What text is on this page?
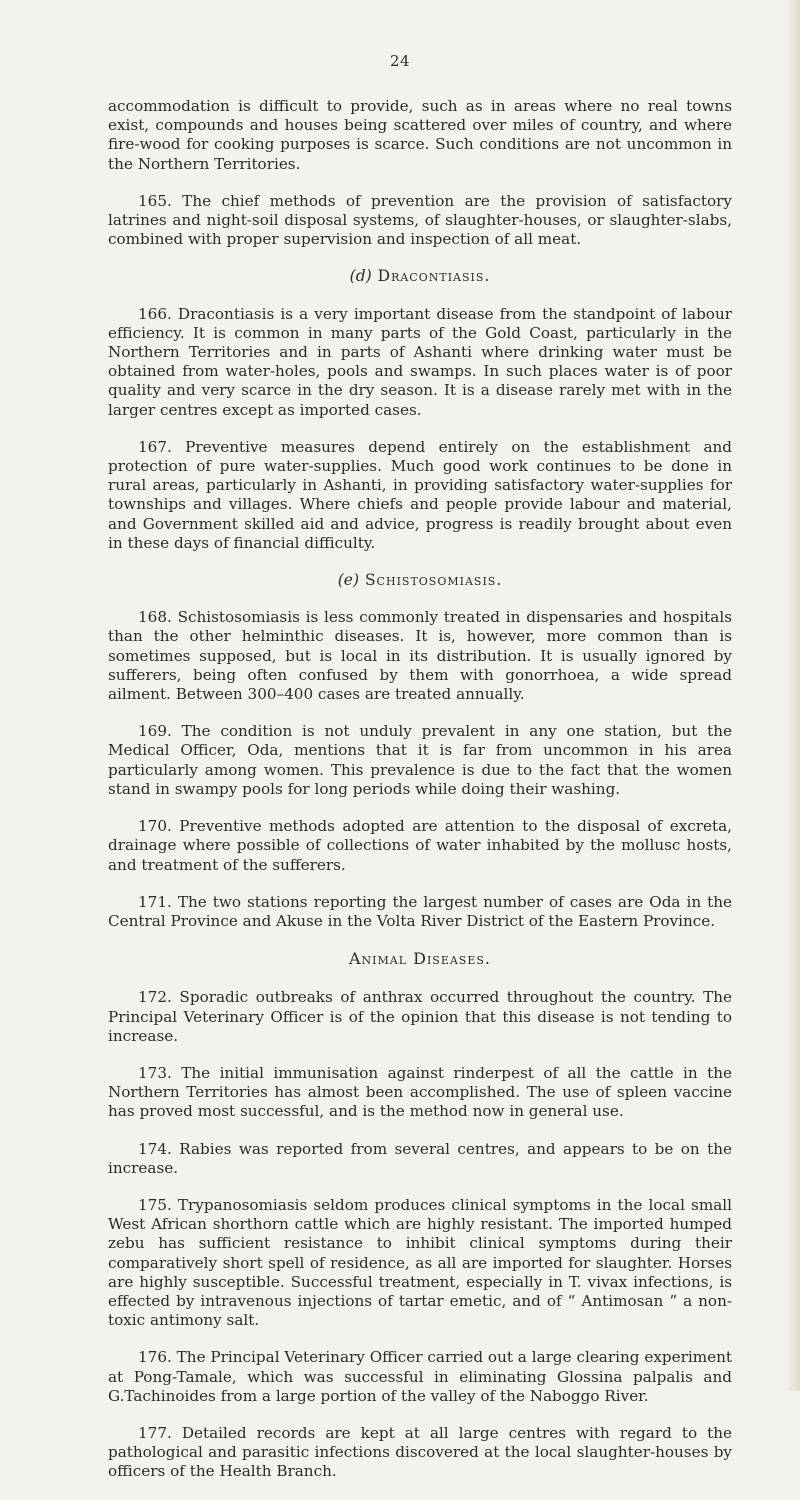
24

accommodation is difficult to provide, such as in areas where no real towns exist, compounds and houses being scattered over miles of country, and where fire-wood for cooking purposes is scarce. Such conditions are not uncommon in the Northern Territories.

165. The chief methods of prevention are the provision of satisfactory latrines and night-soil disposal systems, of slaughter-houses, or slaughter-slabs, combined with proper supervision and inspection of all meat.

(d) Dracontiasis.

166. Dracontiasis is a very important disease from the standpoint of labour efficiency. It is common in many parts of the Gold Coast, particularly in the Northern Territories and in parts of Ashanti where drinking water must be obtained from water-holes, pools and swamps. In such places water is of poor quality and very scarce in the dry season. It is a disease rarely met with in the larger centres except as imported cases.

167. Preventive measures depend entirely on the establishment and protection of pure water-supplies. Much good work continues to be done in rural areas, particularly in Ashanti, in providing satisfactory water-supplies for townships and villages. Where chiefs and people provide labour and material, and Government skilled aid and advice, progress is readily brought about even in these days of financial difficulty.

(e) Schistosomiasis.

168. Schistosomiasis is less commonly treated in dispensaries and hospitals than the other helminthic diseases. It is, however, more common than is sometimes supposed, but is local in its distribution. It is usually ignored by sufferers, being often confused by them with gonorrhoea, a wide spread ailment. Between 300–400 cases are treated annually.

169. The condition is not unduly prevalent in any one station, but the Medical Officer, Oda, mentions that it is far from uncommon in his area particularly among women. This prevalence is due to the fact that the women stand in swampy pools for long periods while doing their washing.

170. Preventive methods adopted are attention to the disposal of excreta, drainage where possible of collections of water inhabited by the mollusc hosts, and treatment of the sufferers.

171. The two stations reporting the largest number of cases are Oda in the Central Province and Akuse in the Volta River District of the Eastern Province.

Animal Diseases.

172. Sporadic outbreaks of anthrax occurred throughout the country. The Principal Veterinary Officer is of the opinion that this disease is not tending to increase.

173. The initial immunisation against rinderpest of all the cattle in the Northern Territories has almost been accomplished. The use of spleen vaccine has proved most successful, and is the method now in general use.

174. Rabies was reported from several centres, and appears to be on the increase.

175. Trypanosomiasis seldom produces clinical symptoms in the local small West African shorthorn cattle which are highly resistant. The imported humped zebu has sufficient resistance to inhibit clinical symptoms during their comparatively short spell of residence, as all are imported for slaughter. Horses are highly susceptible. Successful treatment, especially in T. vivax infections, is effected by intravenous injections of tartar emetic, and of “ Antimosan ” a non-toxic antimony salt.

176. The Principal Veterinary Officer carried out a large clearing experiment at Pong-Tamale, which was successful in eliminating Glossina palpalis and G.Tachinoides from a large portion of the valley of the Naboggo River.

177. Detailed records are kept at all large centres with regard to the pathological and parasitic infections discovered at the local slaughter-houses by officers of the Health Branch.
